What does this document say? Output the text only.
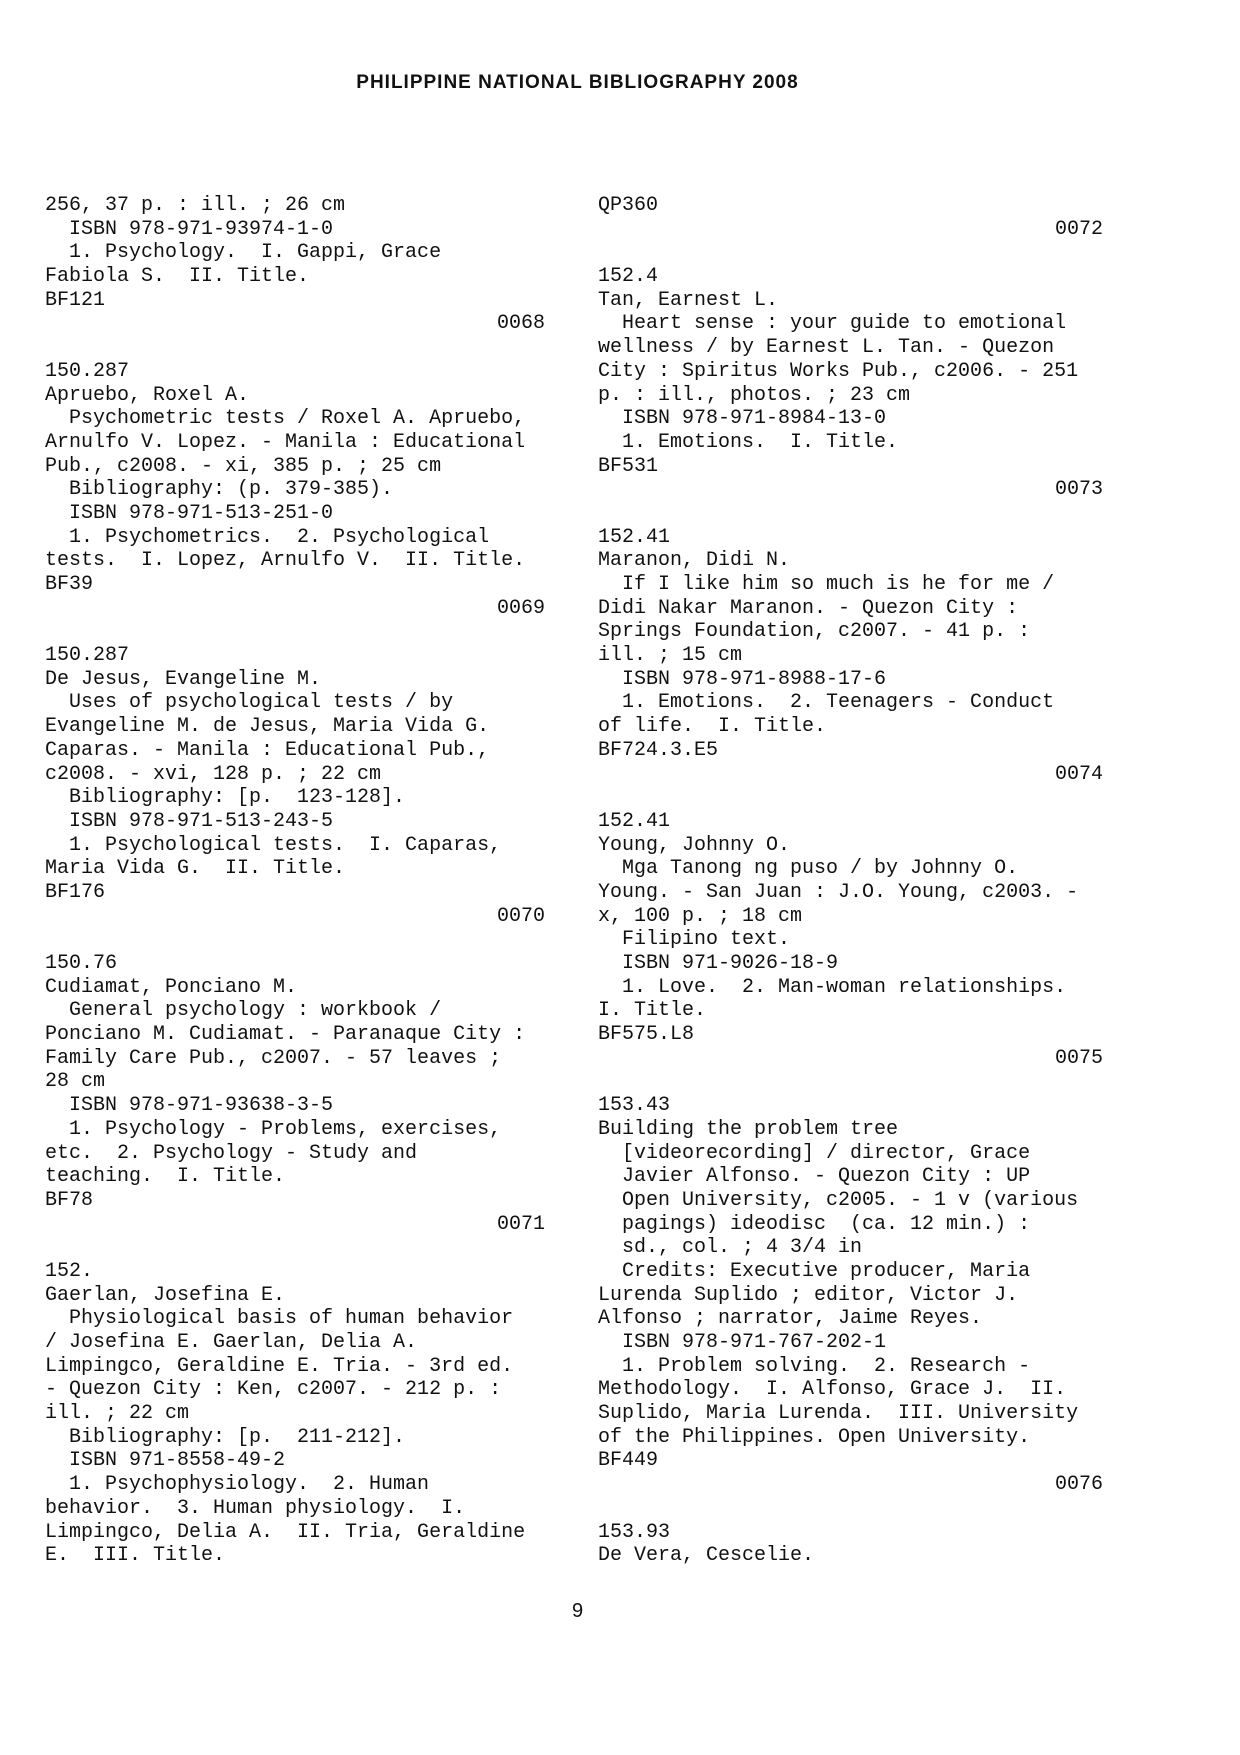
PHILIPPINE NATIONAL BIBLIOGRAPHY 2008
256, 37 p. : ill. ; 26 cm
ISBN 978-971-93974-1-0
1. Psychology.  I. Gappi, Grace
Fabiola S.  II. Title.
BF121
0068
150.287
Apruebo, Roxel A.
Psychometric tests / Roxel A. Apruebo,
Arnulfo V. Lopez. - Manila : Educational
Pub., c2008. - xi, 385 p. ; 25 cm
Bibliography: (p. 379-385).
ISBN 978-971-513-251-0
1. Psychometrics.  2. Psychological
tests.  I. Lopez, Arnulfo V.  II. Title.
BF39
0069
150.287
De Jesus, Evangeline M.
Uses of psychological tests / by
Evangeline M. de Jesus, Maria Vida G.
Caparas. - Manila : Educational Pub.,
c2008. - xvi, 128 p. ; 22 cm
Bibliography: [p.  123-128].
ISBN 978-971-513-243-5
1. Psychological tests.  I. Caparas,
Maria Vida G.  II. Title.
BF176
0070
150.76
Cudiamat, Ponciano M.
General psychology : workbook /
Ponciano M. Cudiamat. - Paranaque City :
Family Care Pub., c2007. - 57 leaves ;
28 cm
ISBN 978-971-93638-3-5
1. Psychology - Problems, exercises,
etc.  2. Psychology - Study and
teaching.  I. Title.
BF78
0071
152.
Gaerlan, Josefina E.
Physiological basis of human behavior
/ Josefina E. Gaerlan, Delia A.
Limpingco, Geraldine E. Tria. - 3rd ed.
- Quezon City : Ken, c2007. - 212 p. :
ill. ; 22 cm
Bibliography: [p.  211-212].
ISBN 971-8558-49-2
1. Psychophysiology.  2. Human
behavior.  3. Human physiology.  I.
Limpingco, Delia A.  II. Tria, Geraldine
E.  III. Title.
QP360
0072
152.4
Tan, Earnest L.
Heart sense : your guide to emotional
wellness / by Earnest L. Tan. - Quezon
City : Spiritus Works Pub., c2006. - 251
p. : ill., photos. ; 23 cm
ISBN 978-971-8984-13-0
1. Emotions.  I. Title.
BF531
0073
152.41
Maranon, Didi N.
If I like him so much is he for me /
Didi Nakar Maranon. - Quezon City :
Springs Foundation, c2007. - 41 p. :
ill. ; 15 cm
ISBN 978-971-8988-17-6
1. Emotions.  2. Teenagers - Conduct
of life.  I. Title.
BF724.3.E5
0074
152.41
Young, Johnny O.
Mga Tanong ng puso / by Johnny O.
Young. - San Juan : J.O. Young, c2003. -
x, 100 p. ; 18 cm
Filipino text.
ISBN 971-9026-18-9
1. Love.  2. Man-woman relationships.
I. Title.
BF575.L8
0075
153.43
Building the problem tree
[videorecording] / director, Grace
Javier Alfonso. - Quezon City : UP
Open University, c2005. - 1 v (various
pagings) ideodisc  (ca. 12 min.) :
sd., col. ; 4 3/4 in
Credits: Executive producer, Maria
Lurenda Suplido ; editor, Victor J.
Alfonso ; narrator, Jaime Reyes.
ISBN 978-971-767-202-1
1. Problem solving.  2. Research -
Methodology.  I. Alfonso, Grace J.  II.
Suplido, Maria Lurenda.  III. University
of the Philippines. Open University.
BF449
0076
153.93
De Vera, Cescelie.
9
